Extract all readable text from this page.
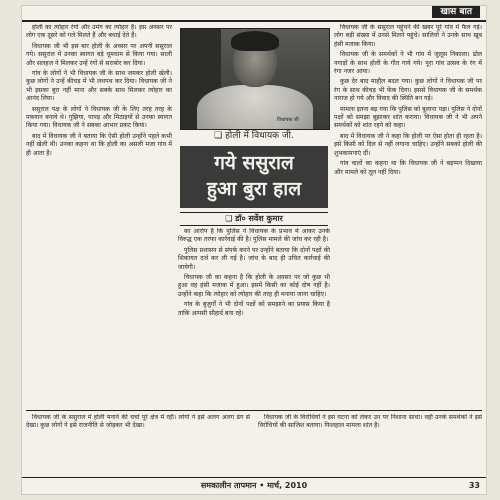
खास बात

होली का त्योहार रंगों और उमंग का त्योहार है। इस अवसर पर लोग एक दूसरे को गले मिलते हैं और बधाई देते हैं।

विधायक जी भी इस बार होली के अवसर पर अपनी ससुराल गये। ससुराल में उनका स्वागत बड़े धूमधाम से किया गया। साली और सलहज ने मिलकर उन्हें रंगों से सराबोर कर दिया।

गांव के लोगों ने भी विधायक जी के साथ जमकर होली खेली। कुछ लोगों ने उन्हें कीचड़ में भी लथपथ कर दिया। विधायक जी ने भी इसका बुरा नहीं माना और सबके साथ मिलकर त्योहार का आनंद लिया।

ससुराल पक्ष के लोगों ने विधायक जी के लिए तरह तरह के पकवान बनाये थे। गुझिया, पापड़ और मिठाइयों से उनका स्वागत किया गया। विधायक जी ने सबका आभार प्रकट किया।

बाद में विधायक जी ने बताया कि ऐसी होली उन्होंने पहले कभी नहीं खेली थी। उनका कहना था कि होली का असली मजा गांव में ही आता है।

विधायक जी
❑ होली में विधायक जी.
गये ससुराल
हुआ बुरा हाल
❑ डॉ० सर्वेश कुमार

का आरोप है कि पुलिस ने विधायक के प्रभाव में आकर उनके विरुद्ध एक तरफा कार्रवाई की है। पुलिस मामले की जांच कर रही है।

पुलिस प्रशासन से संपर्क करने पर उन्होंने बताया कि दोनों पक्षों की शिकायत दर्ज कर ली गई है। जांच के बाद ही उचित कार्रवाई की जायेगी।

विधायक जी का कहना है कि होली के अवसर पर जो कुछ भी हुआ वह हंसी मजाक में हुआ। इसमें किसी का कोई दोष नहीं है। उन्होंने कहा कि त्योहार को त्योहार की तरह ही मनाया जाना चाहिए।

गांव के बुजुर्गों ने भी दोनों पक्षों को समझाने का प्रयास किया है ताकि आपसी सौहार्द बना रहे।

विधायक जी के ससुराल पहुंचने की खबर पूरे गांव में फैल गई। लोग बड़ी संख्या में उनसे मिलने पहुंचे। सालियों ने उनके साथ खूब हंसी मजाक किया।

विधायक जी के समर्थकों ने भी गांव में जुलूस निकाला। ढोल नगाड़ों के साथ होली के गीत गाये गये। पूरा गांव उत्सव के रंग में रंगा नजर आया।

कुछ देर बाद माहौल बदल गया। कुछ लोगों ने विधायक जी पर रंग के साथ कीचड़ भी फेंक दिया। इससे विधायक जी के समर्थक नाराज हो गये और विवाद की स्थिति बन गई।

मामला इतना बढ़ गया कि पुलिस को बुलाना पड़ा। पुलिस ने दोनों पक्षों को समझा बुझाकर शांत कराया। विधायक जी ने भी अपने समर्थकों को शांत रहने को कहा।

बाद में विधायक जी ने कहा कि होली पर ऐसा होता ही रहता है। इसे किसी को दिल से नहीं लगाना चाहिए। उन्होंने सबको होली की शुभकामनाएं दीं।

गांव वालों का कहना था कि विधायक जी ने बड़प्पन दिखाया और मामले को तूल नहीं दिया।

विधायक जी के ससुराल में होली मनाने की चर्चा पूरे क्षेत्र में रही। लोगों ने इसे अलग अलग ढंग से देखा। कुछ लोगों ने इसे राजनीति से जोड़कर भी देखा।

विधायक जी के विरोधियों ने इस घटना को लेकर उन पर निशाना साधा। वहीं उनके समर्थकों ने इसे विरोधियों की साजिश बताया। फिलहाल मामला शांत है।

समकालीन तापमान • मार्च, 2010	33
